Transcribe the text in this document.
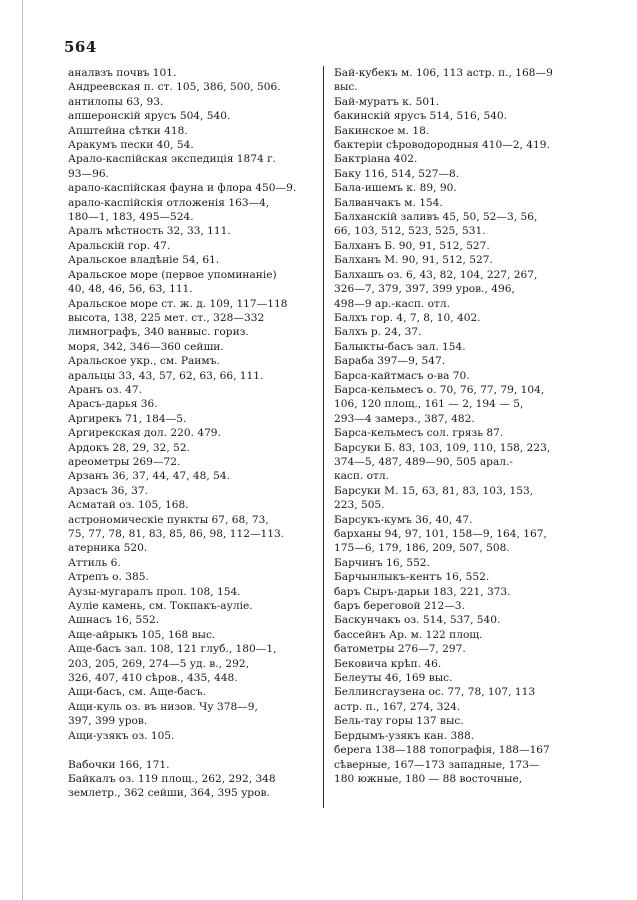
564
аналвзъ почвъ 101.
Андреевская п. ст. 105, 386, 500, 506.
антилопы 63, 93.
апшеронскій ярусъ 504, 540.
Апштейна сѣтки 418.
Аракумъ пески 40, 54.
Арало-каспійская экспедиція 1874 г.
93—96.
арало-каспійская фауна и флора 450—9.
арало-каспійскія отложенія 163—4,
180—1, 183, 495—524.
Аралъ мѣстность 32, 33, 111.
Аральскій гор. 47.
Аральское владѣніе 54, 61.
Аральское море (первое упоминаніе)
40, 48, 46, 56, 63, 111.
Аральское море ст. ж. д. 109, 117—118
высота, 138, 225 мет. ст., 328—332
лимнографъ, 340 ванвыс. гориз.
моря, 342, 346—360 сейши.
Аральское укр., см. Раимъ.
аральцы 33, 43, 57, 62, 63, 66, 111.
Аранъ оз. 47.
Арасъ-дарья 36.
Аргирекъ 71, 184—5.
Аргирекская дол. 220. 479.
Ардокъ 28, 29, 32, 52.
ареометры 269—72.
Арзанъ 36, 37, 44, 47, 48, 54.
Арзасъ 36, 37.
Асматай оз. 105, 168.
астрономическіе пункты 67, 68, 73,
75, 77, 78, 81, 83, 85, 86, 98, 112—113.
атерника 520.
Аттиль 6.
Атрепъ о. 385.
Аузы-мугаралъ прол. 108, 154.
Ауліе камень, см. Токпакъ-ауліе.
Ашнасъ 16, 552.
Аще-айрыкъ 105, 168 выс.
Аще-басъ зал. 108, 121 глуб., 180—1,
203, 205, 269, 274—5 уд. в., 292,
326, 407, 410 сѣров., 435, 448.
Ащи-басъ, см. Аще-басъ.
Ащи-куль оз. въ низов. Чу 378—9,
397, 399 уров.
Ащи-узякъ оз. 105.

Вабочки 166, 171.
Байкалъ оз. 119 площ., 262, 292, 348
землетр., 362 сейши, 364, 395 уров.
Бай-кубекъ м. 106, 113 астр. п., 168—9
выс.
Бай-муратъ к. 501.
бакинскій ярусъ 514, 516, 540.
Бакинское м. 18.
бактеріи сѣроводородныя 410—2, 419.
Бактріана 402.
Баку 116, 514, 527—8.
Бала-ишемъ к. 89, 90.
Балванчакъ м. 154.
Балханскій заливъ 45, 50, 52—3, 56,
66, 103, 512, 523, 525, 531.
Балханъ Б. 90, 91, 512, 527.
Балханъ М. 90, 91, 512, 527.
Балхашъ оз. 6, 43, 82, 104, 227, 267,
326—7, 379, 397, 399 уров., 496,
498—9 ар.-касп. отл.
Балхъ гор. 4, 7, 8, 10, 402.
Балхъ р. 24, 37.
Балыкты-басъ зал. 154.
Бараба 397—9, 547.
Барса-кайтмасъ о-ва 70.
Барса-кельмесъ о. 70, 76, 77, 79, 104,
106, 120 площ., 161 — 2, 194 — 5,
293—4 замерз., 387, 482.
Барса-кельмесъ сол. грязь 87.
Барсуки Б. 83, 103, 109, 110, 158, 223,
374—5, 487, 489—90, 505 арал.-
касп. отл.
Барсуки М. 15, 63, 81, 83, 103, 153,
223, 505.
Барсукъ-кумъ 36, 40, 47.
барханы 94, 97, 101, 158—9, 164, 167,
175—6, 179, 186, 209, 507, 508.
Барчинъ 16, 552.
Барчынлыкъ-кентъ 16, 552.
баръ Сыръ-дарьи 183, 221, 373.
баръ береговой 212—3.
Баскунчакъ оз. 514, 537, 540.
бассейнъ Ар. м. 122 площ.
батометры 276—7, 297.
Бековича крѣп. 46.
Белеуты 46, 169 выс.
Беллинсгаузена ос. 77, 78, 107, 113
астр. п., 167, 274, 324.
Бель-тау горы 137 выс.
Бердымъ-узякъ кан. 388.
берега 138—188 топографія, 188—167
сѣверные, 167—173 западные, 173—
180 южные, 180 — 88 восточные,
